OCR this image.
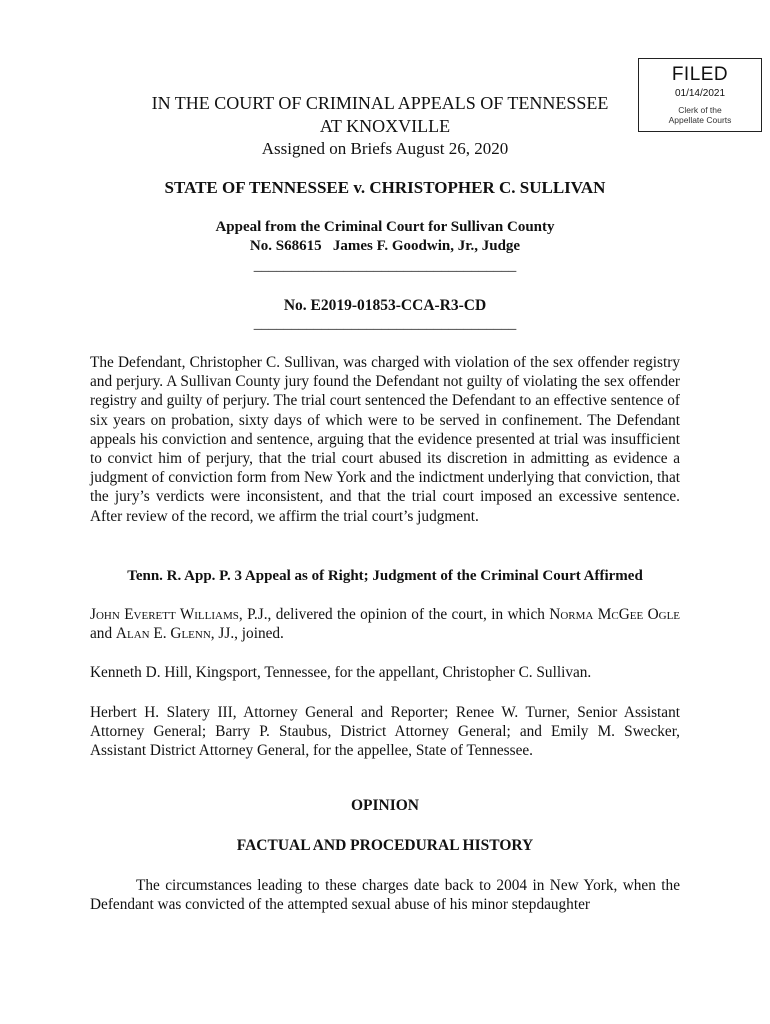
FILED
01/14/2021
Clerk of the
Appellate Courts
IN THE COURT OF CRIMINAL APPEALS OF TENNESSEE
AT KNOXVILLE
Assigned on Briefs August 26, 2020
STATE OF TENNESSEE v. CHRISTOPHER C. SULLIVAN
Appeal from the Criminal Court for Sullivan County
No. S68615   James F. Goodwin, Jr., Judge
___________________________________
No. E2019-01853-CCA-R3-CD
___________________________________
The Defendant, Christopher C. Sullivan, was charged with violation of the sex offender registry and perjury. A Sullivan County jury found the Defendant not guilty of violating the sex offender registry and guilty of perjury. The trial court sentenced the Defendant to an effective sentence of six years on probation, sixty days of which were to be served in confinement. The Defendant appeals his conviction and sentence, arguing that the evidence presented at trial was insufficient to convict him of perjury, that the trial court abused its discretion in admitting as evidence a judgment of conviction form from New York and the indictment underlying that conviction, that the jury’s verdicts were inconsistent, and that the trial court imposed an excessive sentence. After review of the record, we affirm the trial court’s judgment.
Tenn. R. App. P. 3 Appeal as of Right; Judgment of the Criminal Court Affirmed
John Everett Williams, P.J., delivered the opinion of the court, in which Norma McGee Ogle and Alan E. Glenn, JJ., joined.
Kenneth D. Hill, Kingsport, Tennessee, for the appellant, Christopher C. Sullivan.
Herbert H. Slatery III, Attorney General and Reporter; Renee W. Turner, Senior Assistant Attorney General; Barry P. Staubus, District Attorney General; and Emily M. Swecker, Assistant District Attorney General, for the appellee, State of Tennessee.
OPINION
FACTUAL AND PROCEDURAL HISTORY
The circumstances leading to these charges date back to 2004 in New York, when the Defendant was convicted of the attempted sexual abuse of his minor stepdaughter
